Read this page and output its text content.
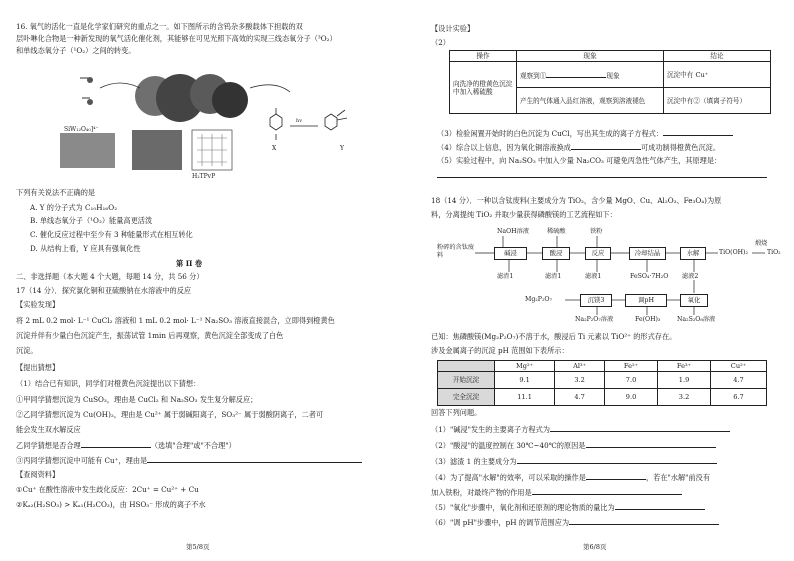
16. 氧气的活化一直是化学家们研究的重点之一。如下图所示的含钨杂多酸载体下担载的双
层卟啉化合物是一种新发现的氧气活化催化剂，其能够在可见光照下高效的实现三线态氧分子（³O₂）
和单线态氧分子（¹O₂）之间的转变。
SiW₁₂O₄₀]⁴⁻
H₂TPyP
X	Y
hv
下列有关说法不正确的是
A. Y 的分子式为 C₁₀H₁₆O₂
B. 单线态氧分子（¹O₂）能量高更活泼
C. 催化反应过程中至少有 3 种能量形式在相互转化
D. 从结构上看，Y 应具有强氧化性
第 II 卷
二、非选择题（本大题 4 个大题，每题 14 分，共 56 分）
17（14 分）．探究氯化铜和亚硫酸钠在水溶液中的反应
【实验发现】
将 2 mL 0.2 mol· L⁻¹ CuCl₂ 溶液和 1 mL 0.2 mol· L⁻¹ Na₂SO₃ 溶液直接混合，立即得到橙黄色
沉淀并伴有少量白色沉淀产生，振荡试管 1min 后再观察，黄色沉淀全部变成了白色
沉淀。
【提出猜想】
（1）结合已有知识，同学们对橙黄色沉淀提出以下猜想：
①甲同学猜想沉淀为 CuSO₃，理由是 CuCl₂ 和 Na₂SO₃ 发生复分解反应；
②乙同学猜想沉淀为 Cu(OH)₂，理由是 Cu²⁺ 属于弱碱阳离子，SO₃²⁻ 属于弱酸阴离子，二者可
能会发生双水解反应
乙同学猜想是否合理	（选填"合理"或"不合理"）
③丙同学猜想沉淀中可能有 Cu⁺，理由是
【查阅资料】
①Cu⁺ 在酸性溶液中发生歧化反应：2Cu⁺ = Cu²⁺ + Cu
②Kₐ₂(H₂SO₃) > Kₐ₁(H₂CO₃)，由 HSO₃⁻ 形成的离子不水
第5/8页
【设计实验】
（2）
操作	现象	结论
向洗净的橙黄色沉淀中加入稀硫酸	观察到① 现象	沉淀中有 Cu⁺
	产生的气体通入品红溶液，观察到溶液褪色	沉淀中有②（填离子符号）
（3）检验闲置开始时的白色沉淀为 CuCl，写出其生成的离子方程式：
（4）综合以上信息，因为氧化铜溶液换成	可成功制得橙黄色沉淀。
（5）实验过程中，向 Na₂SO₃ 中加入少量 Na₂CO₃ 可避免丙急性气体产生，其原理是：
18（14 分）．一种以含钛废料(主要成分为 TiO₂，含少量 MgO、Cu、Al₂O₃、Fe₃O₄)为原
料，分离提纯 TiO₂ 并取少量获得磷酸镁的工艺流程如下：
NaOH溶液	稀硫酸	铁粉
粉碎的含钛废料	碱浸	酸浸	反应	冷却结晶	水解	TiO(OH)₂
煅烧
TiO₂
滤渣1	滤渣1	滤液1	FeSO₄·7H₂O 滤液2
Mg₂P₂O₇	沉镁3	调pH	氧化
Na₂P₂O₇溶液	Fe(OH)₃	Na₂S₂O₈溶液
已知：焦磷酸镁(Mg₂P₂O₇)不溶于水，酸浸后 Ti 元素以 TiO²⁺ 的形式存在。
涉及金属离子的沉淀 pH 范围如下表所示：
	Mg²⁺	Al³⁺	Fe²⁺	Fe³⁺	Cu²⁺
开始沉淀	9.1	3.2	7.0	1.9	4.7
完全沉淀	11.1	4.7	9.0	3.2	6.7
回答下列问题。
（1）"碱浸"发生的主要离子方程式为
（2）"酸浸"的温度控制在 30℃~40℃的原因是
（3）滤渣 1 的主要成分为
（4）为了提高"水解"的效率，可以采取的操作是	，若在"水解"前没有
加入铁粉，对最终产物的作用是
（5）"氧化"步骤中，氧化剂和还原剂的理论物质的量比为
（6）"调 pH"步骤中，pH 的调节范围应为
第6/8页
